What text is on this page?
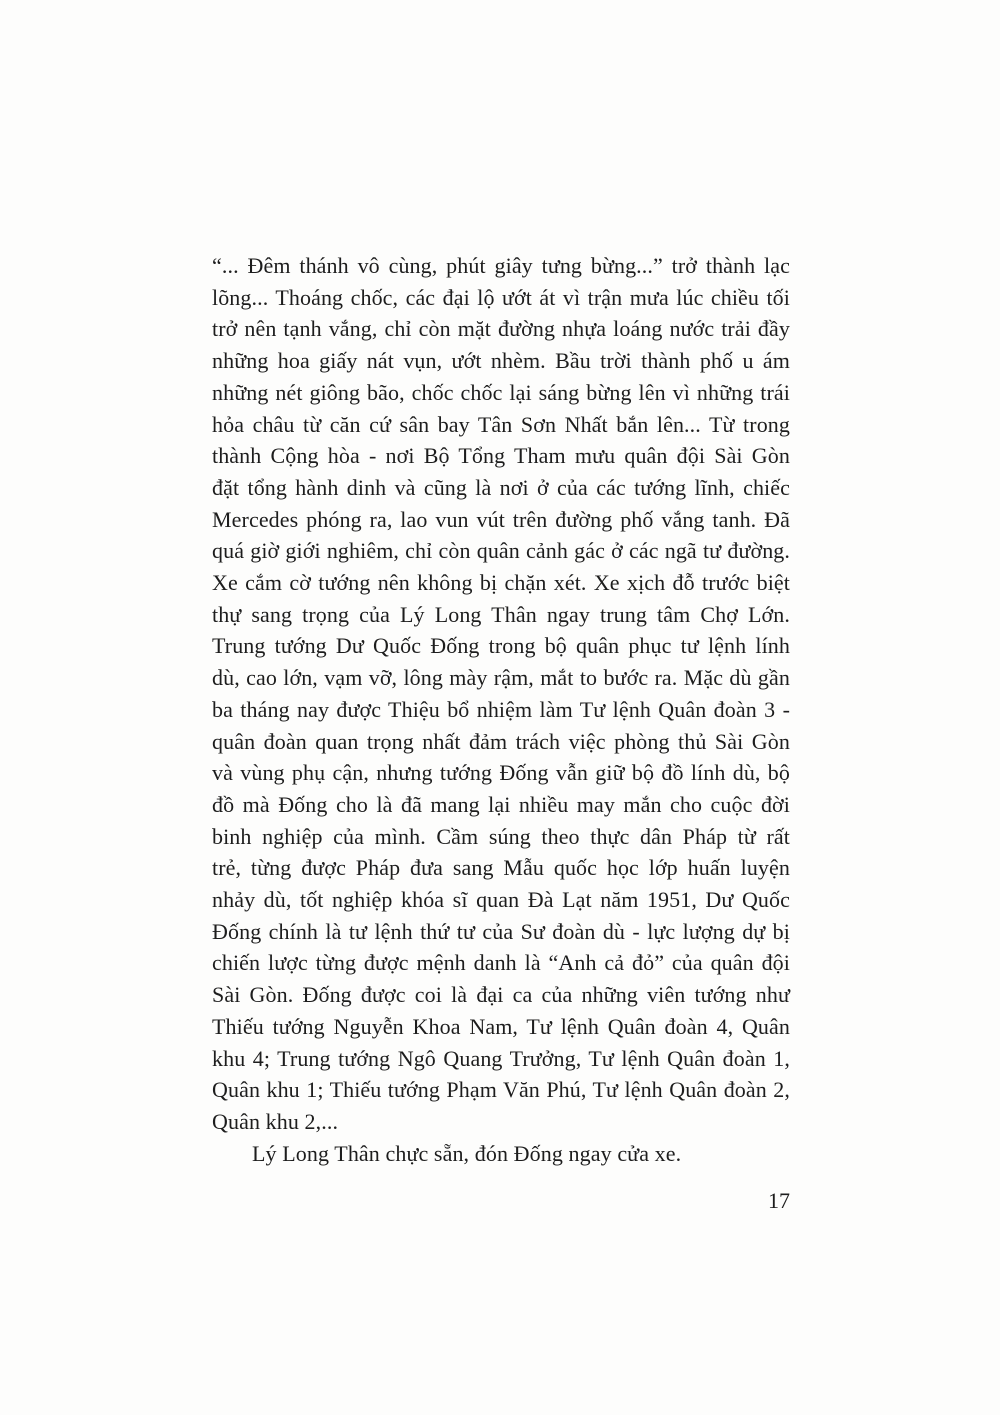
“... Đêm thánh vô cùng, phút giây tưng bừng...” trở thành lạc
lõng... Thoáng chốc, các đại lộ ướt át vì trận mưa lúc chiều tối
trở nên tạnh vắng, chỉ còn mặt đường nhựa loáng nước trải đầy
những hoa giấy nát vụn, ướt nhèm. Bầu trời thành phố u ám
những nét giông bão, chốc chốc lại sáng bừng lên vì những trái
hỏa châu từ căn cứ sân bay Tân Sơn Nhất bắn lên... Từ trong
thành Cộng hòa - nơi Bộ Tổng Tham mưu quân đội Sài Gòn
đặt tổng hành dinh và cũng là nơi ở của các tướng lĩnh, chiếc
Mercedes phóng ra, lao vun vút trên đường phố vắng tanh. Đã
quá giờ giới nghiêm, chỉ còn quân cảnh gác ở các ngã tư đường.
Xe cắm cờ tướng nên không bị chặn xét. Xe xịch đỗ trước biệt
thự sang trọng của Lý Long Thân ngay trung tâm Chợ Lớn.
Trung tướng Dư Quốc Đống trong bộ quân phục tư lệnh lính
dù, cao lớn, vạm vỡ, lông mày rậm, mắt to bước ra. Mặc dù gần
ba tháng nay được Thiệu bổ nhiệm làm Tư lệnh Quân đoàn 3 -
quân đoàn quan trọng nhất đảm trách việc phòng thủ Sài Gòn
và vùng phụ cận, nhưng tướng Đống vẫn giữ bộ đồ lính dù, bộ
đồ mà Đống cho là đã mang lại nhiều may mắn cho cuộc đời
binh nghiệp của mình. Cầm súng theo thực dân Pháp từ rất
trẻ, từng được Pháp đưa sang Mẫu quốc học lớp huấn luyện
nhảy dù, tốt nghiệp khóa sĩ quan Đà Lạt năm 1951, Dư Quốc
Đống chính là tư lệnh thứ tư của Sư đoàn dù - lực lượng dự bị
chiến lược từng được mệnh danh là “Anh cả đỏ” của quân đội
Sài Gòn. Đống được coi là đại ca của những viên tướng như
Thiếu tướng Nguyễn Khoa Nam, Tư lệnh Quân đoàn 4, Quân
khu 4; Trung tướng Ngô Quang Trưởng, Tư lệnh Quân đoàn 1,
Quân khu 1; Thiếu tướng Phạm Văn Phú, Tư lệnh Quân đoàn 2,
Quân khu 2,...
Lý Long Thân chực sẵn, đón Đống ngay cửa xe.
17
